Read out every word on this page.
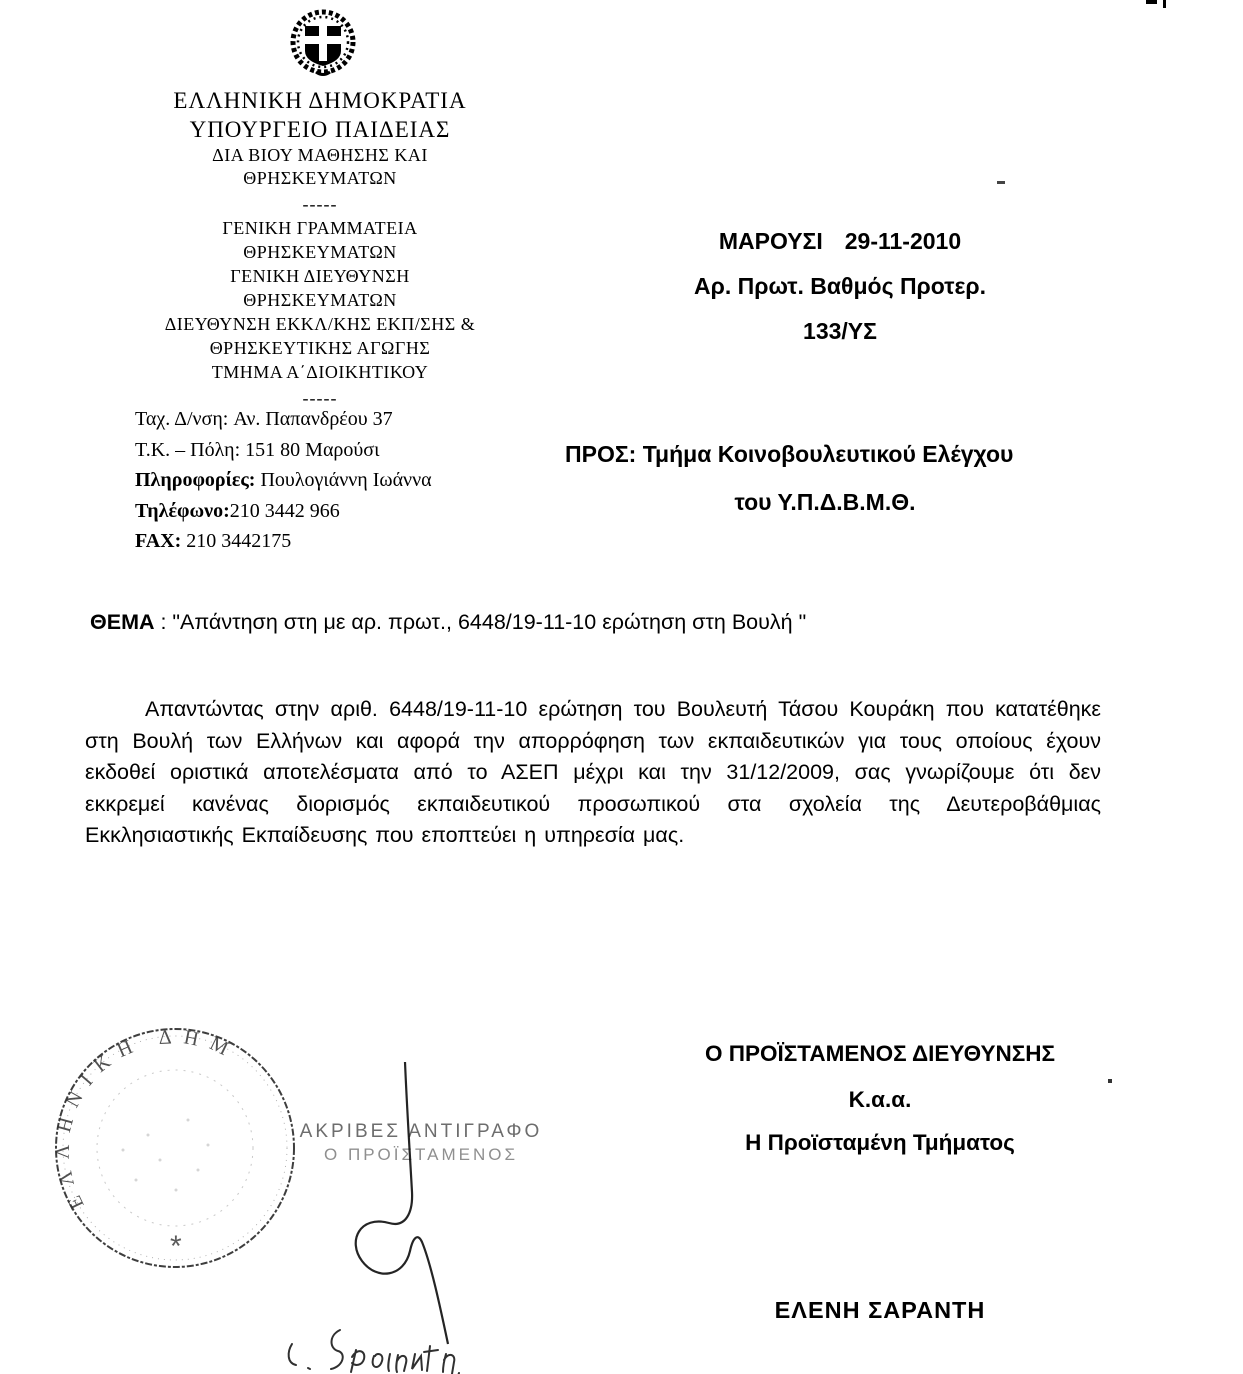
ΕΛΛΗΝΙΚΗ ΔΗΜΟΚΡΑΤΙΑ
ΥΠΟΥΡΓΕΙΟ ΠΑΙΔΕΙΑΣ
ΔΙΑ ΒΙΟΥ ΜΑΘΗΣΗΣ ΚΑΙ
ΘΡΗΣΚΕΥΜΑΤΩΝ
-----
ΓΕΝΙΚΗ ΓΡΑΜΜΑΤΕΙΑ
ΘΡΗΣΚΕΥΜΑΤΩΝ
ΓΕΝΙΚΗ ΔΙΕΥΘΥΝΣΗ
ΘΡΗΣΚΕΥΜΑΤΩΝ
ΔΙΕΥΘΥΝΣΗ ΕΚΚΛ/ΚΗΣ ΕΚΠ/ΣΗΣ &
ΘΡΗΣΚΕΥΤΙΚΗΣ ΑΓΩΓΗΣ
ΤΜΗΜΑ Α΄ΔΙΟΙΚΗΤΙΚΟΥ
-----
Ταχ. Δ/νση: Αν. Παπανδρέου 37
Τ.Κ. – Πόλη: 151 80 Μαρούσι
Πληροφορίες: Πουλογιάννη Ιωάννα
Τηλέφωνο:210 3442 966
FAX: 210 3442175
ΜΑΡΟΥΣΙ 29-11-2010
Αρ. Πρωτ. Βαθμός Προτερ.
133/ΥΣ
ΠΡΟΣ: Τμήμα Κοινοβουλευτικού Ελέγχου
του Υ.Π.Δ.Β.Μ.Θ.
ΘΕΜΑ : "Απάντηση στη με αρ. πρωτ., 6448/19-11-10 ερώτηση στη Βουλή "
Απαντώντας στην αριθ. 6448/19-11-10 ερώτηση του Βουλευτή Τάσου Κουράκη που κατατέθηκε στη Βουλή των Ελλήνων και αφορά την απορρόφηση των εκπαιδευτικών για τους οποίους έχουν εκδοθεί οριστικά αποτελέσματα από το ΑΣΕΠ μέχρι και την 31/12/2009, σας γνωρίζουμε ότι δεν εκκρεμεί κανένας διορισμός εκπαιδευτικού προσωπικού στα σχολεία της Δευτεροβάθμιας Εκκλησιαστικής Εκπαίδευσης που εποπτεύει η υπηρεσία μας.
Ο ΠΡΟΪΣΤΑΜΕΝΟΣ ΔΙΕΥΘΥΝΣΗΣ
Κ.α.α.
Η Προϊσταμένη Τμήματος
ΕΛΕΝΗ ΣΑΡΑΝΤΗ
ΕΛΛΗΝΙΚΗ ΔΗΜ
*
ΑΚΡΙΒΕΣ ΑΝΤΙΓΡΑΦΟ
Ο ΠΡΟΪΣΤΑΜΕΝΟΣ
